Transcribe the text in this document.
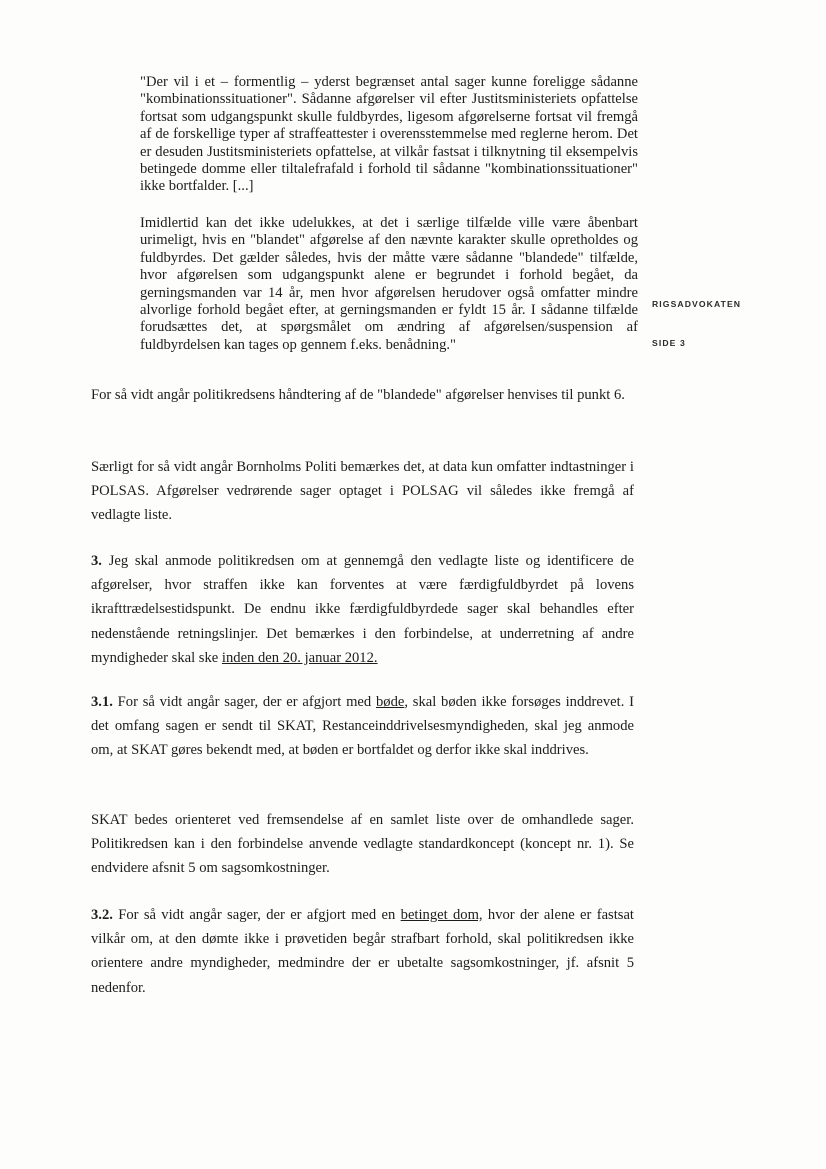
"Der vil i et – formentlig – yderst begrænset antal sager kunne foreligge sådanne "kombinationssituationer". Sådanne afgørelser vil efter Justitsministeriets opfattelse fortsat som udgangspunkt skulle fuldbyrdes, ligesom afgørelserne fortsat vil fremgå af de forskellige typer af straffeattester i overensstemmelse med reglerne herom. Det er desuden Justitsministeriets opfattelse, at vilkår fastsat i tilknytning til eksempelvis betingede domme eller tiltalefrafald i forhold til sådanne "kombinationssituationer" ikke bortfalder. [...]

Imidlertid kan det ikke udelukkes, at det i særlige tilfælde ville være åbenbart urimeligt, hvis en "blandet" afgørelse af den nævnte karakter skulle opretholdes og fuldbyrdes. Det gælder således, hvis der måtte være sådanne "blandede" tilfælde, hvor afgørelsen som udgangspunkt alene er begrundet i forhold begået, da gerningsmanden var 14 år, men hvor afgørelsen herudover også omfatter mindre alvorlige forhold begået efter, at gerningsmanden er fyldt 15 år. I sådanne tilfælde forudsættes det, at spørgsmålet om ændring af afgørelsen/suspension af fuldbyrdelsen kan tages op gennem f.eks. benådning."

RIGSADVOKATEN
SIDE 3

For så vidt angår politikredsens håndtering af de "blandede" afgørelser henvises til punkt 6.

Særligt for så vidt angår Bornholms Politi bemærkes det, at data kun omfatter indtastninger i POLSAS. Afgørelser vedrørende sager optaget i POLSAG vil således ikke fremgå af vedlagte liste.

3. Jeg skal anmode politikredsen om at gennemgå den vedlagte liste og identificere de afgørelser, hvor straffen ikke kan forventes at være færdigfuldbyrdet på lovens ikrafttrædelsestidspunkt. De endnu ikke færdigfuldbyrdede sager skal behandles efter nedenstående retningslinjer. Det bemærkes i den forbindelse, at underretning af andre myndigheder skal ske inden den 20. januar 2012.

3.1. For så vidt angår sager, der er afgjort med bøde, skal bøden ikke forsøges inddrevet. I det omfang sagen er sendt til SKAT, Restanceinddrivelsesmyndigheden, skal jeg anmode om, at SKAT gøres bekendt med, at bøden er bortfaldet og derfor ikke skal inddrives.

SKAT bedes orienteret ved fremsendelse af en samlet liste over de omhandlede sager. Politikredsen kan i den forbindelse anvende vedlagte standardkoncept (koncept nr. 1). Se endvidere afsnit 5 om sagsomkostninger.

3.2. For så vidt angår sager, der er afgjort med en betinget dom, hvor der alene er fastsat vilkår om, at den dømte ikke i prøvetiden begår strafbart forhold, skal politikredsen ikke orientere andre myndigheder, medmindre der er ubetalte sagsomkostninger, jf. afsnit 5 nedenfor.
